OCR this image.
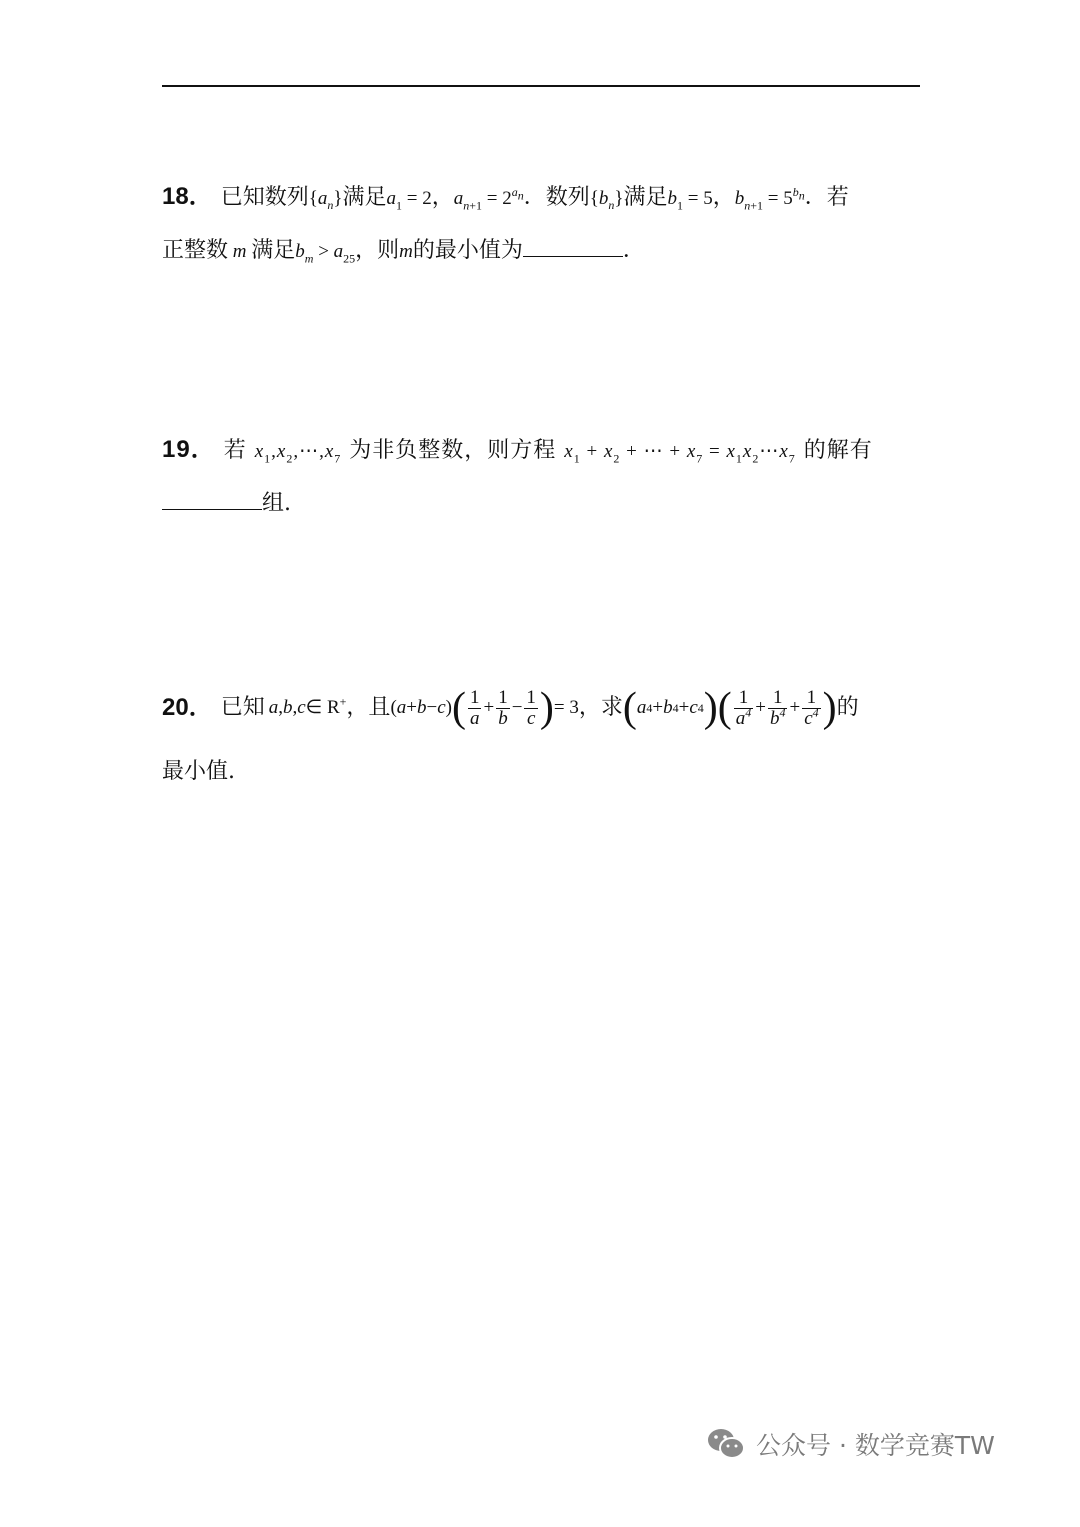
18． 已知数列$\{a_n\}$满足$a_1 = 2$，$a_{n+1} = 2^{a_n}$．数列$\{b_n\}$满足$b_1 = 5$，$b_{n+1} = 5^{b_n}$．若
正整数 m 满足$b_m > a_{25}$，则m的最小值为	．
19． 若 $x_1,x_2,\cdots,x_7$ 为非负整数，则方程 $x_1 + x_2$ + ⋯ + $x_7$ = $x_1x_2\cdots x_7$ 的解有
组.
20． 已知 a , b , c ∈ R+ ，且 ( a + b − c ) ( $\frac{1}{a} + \frac{1}{b} - \frac{1}{c}$ ) = 3 ，求 ( a 4 + b 4 + c 4 ) ( $\frac{1}{a^4} + \frac{1}{b^4} + \frac{1}{c^4}$ ) 的
最小值.
公众号 · 数学竞赛TW
